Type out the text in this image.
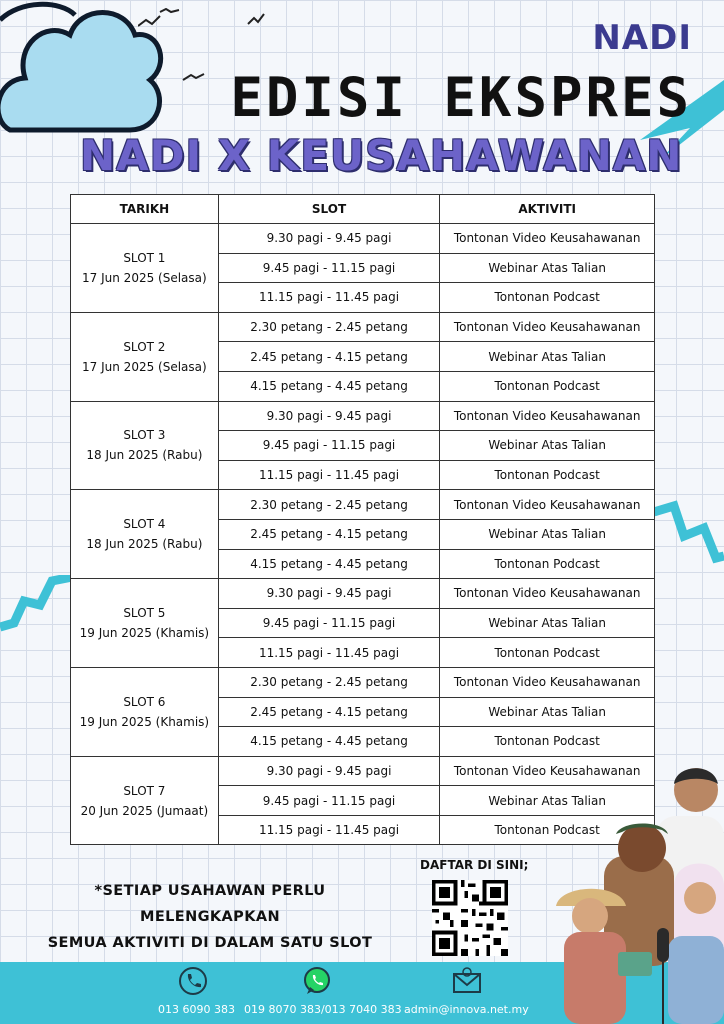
NADI
EDISI EKSPRES
NADI X KEUSAHAWANAN
TARIKH	SLOT	AKTIVITI
SLOT 1
17 Jun 2025 (Selasa)	9.30 pagi - 9.45 pagi	Tontonan Video Keusahawanan
	9.45 pagi - 11.15 pagi	Webinar Atas Talian
	11.15 pagi - 11.45 pagi	Tontonan Podcast
SLOT 2
17 Jun 2025 (Selasa)	2.30 petang - 2.45 petang	Tontonan Video Keusahawanan
	2.45 petang - 4.15 petang	Webinar Atas Talian
	4.15 petang - 4.45 petang	Tontonan Podcast
SLOT 3
18 Jun 2025 (Rabu)	9.30 pagi - 9.45 pagi	Tontonan Video Keusahawanan
	9.45 pagi - 11.15 pagi	Webinar Atas Talian
	11.15 pagi - 11.45 pagi	Tontonan Podcast
SLOT 4
18 Jun 2025 (Rabu)	2.30 petang - 2.45 petang	Tontonan Video Keusahawanan
	2.45 petang - 4.15 petang	Webinar Atas Talian
	4.15 petang - 4.45 petang	Tontonan Podcast
SLOT 5
19 Jun 2025 (Khamis)	9.30 pagi - 9.45 pagi	Tontonan Video Keusahawanan
	9.45 pagi - 11.15 pagi	Webinar Atas Talian
	11.15 pagi - 11.45 pagi	Tontonan Podcast
SLOT 6
19 Jun 2025 (Khamis)	2.30 petang - 2.45 petang	Tontonan Video Keusahawanan
	2.45 petang - 4.15 petang	Webinar Atas Talian
	4.15 petang - 4.45 petang	Tontonan Podcast
SLOT 7
20 Jun 2025 (Jumaat)	9.30 pagi - 9.45 pagi	Tontonan Video Keusahawanan
	9.45 pagi - 11.15 pagi	Webinar Atas Talian
	11.15 pagi - 11.45 pagi	Tontonan Podcast
*SETIAP USAHAWAN PERLU MELENGKAPKAN
SEMUA AKTIVITI DI DALAM SATU SLOT
DAFTAR DI SINI;
013 6090 383 019 8070 383/013 7040 383 admin@innova.net.my
